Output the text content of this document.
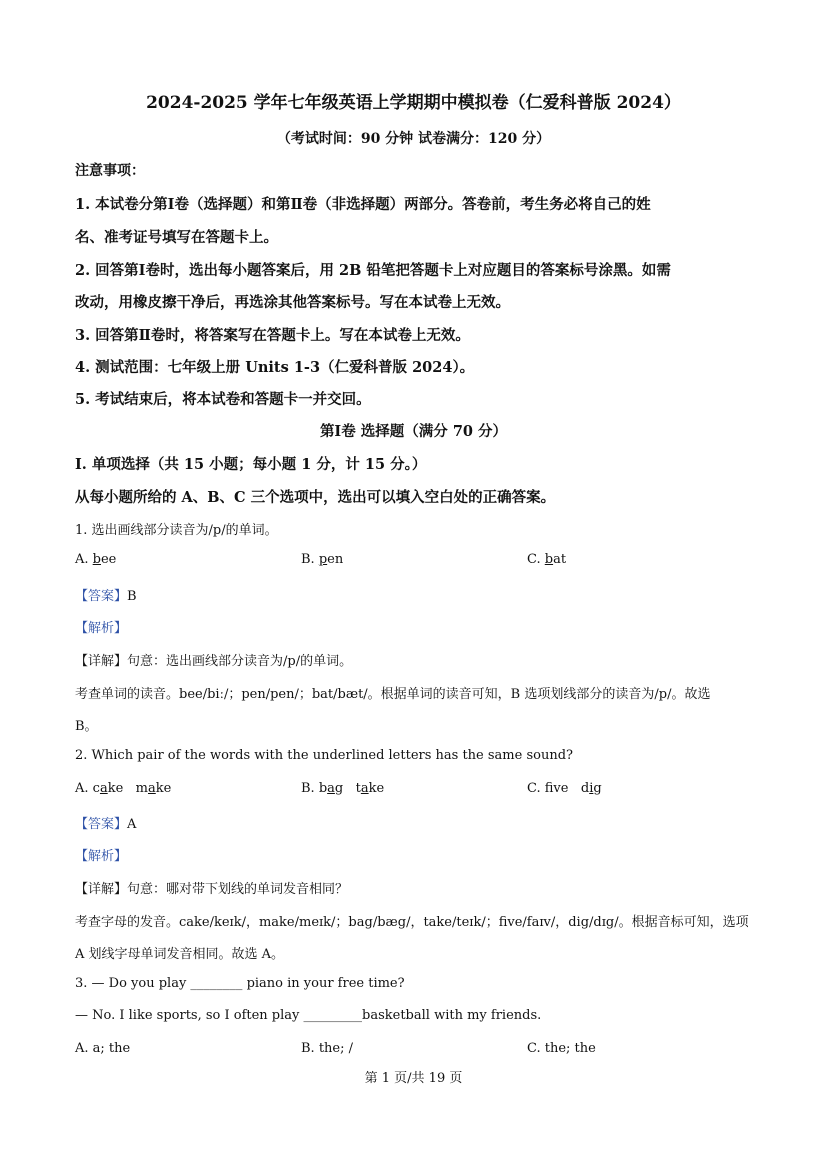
2024-2025 学年七年级英语上学期期中模拟卷（仁爱科普版 2024）
（考试时间：90 分钟 试卷满分：120 分）
注意事项：
1. 本试卷分第Ⅰ卷（选择题）和第Ⅱ卷（非选择题）两部分。答卷前，考生务必将自己的姓
名、准考证号填写在答题卡上。
2. 回答第Ⅰ卷时，选出每小题答案后，用 2B 铅笔把答题卡上对应题目的答案标号涂黑。如需
改动，用橡皮擦干净后，再选涂其他答案标号。写在本试卷上无效。
3. 回答第Ⅱ卷时，将答案写在答题卡上。写在本试卷上无效。
4. 测试范围：七年级上册 Units 1-3（仁爱科普版 2024）。
5. 考试结束后，将本试卷和答题卡一并交回。
第Ⅰ卷 选择题（满分 70 分）
I. 单项选择（共 15 小题；每小题 1 分，计 15 分。）
从每小题所给的 A、B、C 三个选项中，选出可以填入空白处的正确答案。
1. 选出画线部分读音为/p/的单词。
A. bee	B. pen	C. bat
【答案】B
【解析】
【详解】句意：选出画线部分读音为/p/的单词。
考查单词的读音。bee/biː/；pen/pen/；bat/bæt/。根据单词的读音可知，B 选项划线部分的读音为/p/。故选
B。
2. Which pair of the words with the underlined letters has the same sound?
A. cake   make	B. bag   take	C. fve   dig
【答案】A
【解析】
【详解】句意：哪对带下划线的单词发音相同？
考查字母的发音。cake/keɪk/，make/meɪk/；bag/bæg/，take/teɪk/；five/faɪv/，dig/dɪg/。根据音标可知，选项
A 划线字母单词发音相同。故选 A。
3. — Do you play ________ piano in your free time?
— No. I like sports, so I often play _________basketball with my friends.
A. a; the	B. the; /	C. the; the
第 1 页/共 19 页
